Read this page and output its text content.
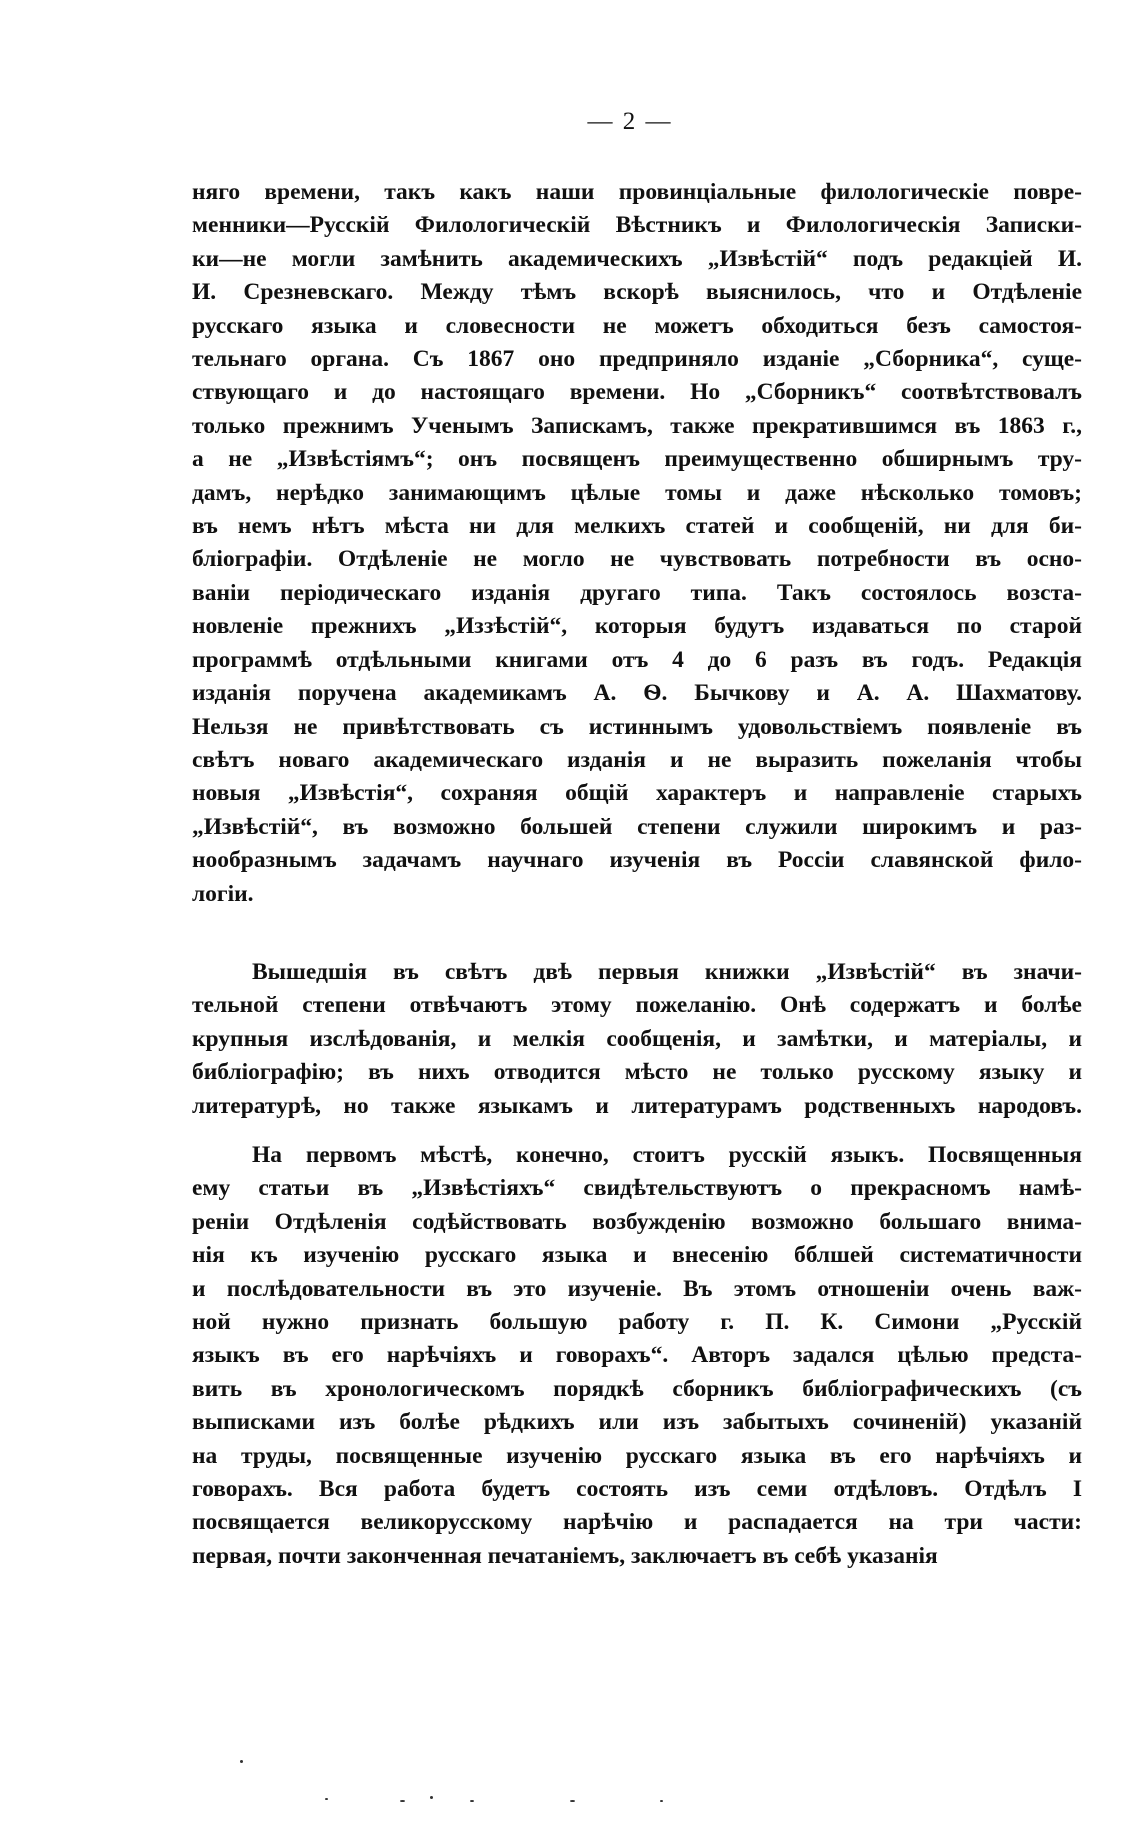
— 2 —
няго времени, такъ какъ наши провинціальные филологическіе повре-
менники—Русскій Филологическій Вѣстникъ и Филологическія Записки-
ки—не могли замѣнить академическихъ „Извѣстій“ подъ редакціей И.
И. Срезневскаго. Между тѣмъ вскорѣ выяснилось, что и Отдѣленіе
русскаго языка и словесности не можетъ обходиться безъ самостоя-
тельнаго органа. Съ 1867 оно предприняло изданіе „Сборника“, суще-
ствующаго и до настоящаго времени. Но „Сборникъ“ соотвѣтствовалъ
только прежнимъ Ученымъ Запискамъ, также прекратившимся въ 1863 г.,
а не „Извѣстіямъ“; онъ посвященъ преимущественно обширнымъ тру-
дамъ, нерѣдко занимающимъ цѣлые томы и даже нѣсколько томовъ;
въ немъ нѣтъ мѣста ни для мелкихъ статей и сообщеній, ни для би-
бліографіи. Отдѣленіе не могло не чувствовать потребности въ осно-
ваніи періодическаго изданія другаго типа. Такъ состоялось возста-
новленіе прежнихъ „Иззѣстій“, которыя будутъ издаваться по старой
программѣ отдѣльными книгами отъ 4 до 6 разъ въ годъ. Редакція
изданія поручена академикамъ А. Ѳ. Бычкову и А. А. Шахматову.
Нельзя не привѣтствовать съ истиннымъ удовольствіемъ появленіе въ
свѣтъ новаго академическаго изданія и не выразить пожеланія чтобы
новыя „Извѣстія“, сохраняя общій характеръ и направленіе старыхъ
„Извѣстій“, въ возможно большей степени служили широкимъ и раз-
нообразнымъ задачамъ научнаго изученія въ Россіи славянской фило-
логіи.
Вышедшія въ свѣтъ двѣ первыя книжки „Извѣстій“ въ значи-
тельной степени отвѣчаютъ этому пожеланію. Онѣ содержатъ и болѣе
крупныя изслѣдованія, и мелкія сообщенія, и замѣтки, и матеріалы, и
библіографію; въ нихъ отводится мѣсто не только русскому языку и
литературѣ, но также языкамъ и литературамъ родственныхъ народовъ.
На первомъ мѣстѣ, конечно, стоитъ русскій языкъ. Посвященныя
ему статьи въ „Извѣстіяхъ“ свидѣтельствуютъ о прекрасномъ намѣ-
реніи Отдѣленія содѣйствовать возбужденію возможно большаго внима-
нія къ изученію русскаго языка и внесенію бблшей систематичности
и послѣдовательности въ это изученіе. Въ этомъ отношеніи очень важ-
ной нужно признать большую работу г. П. К. Симони „Русскій
языкъ въ его нарѣчіяхъ и говорахъ“. Авторъ задался цѣлью предста-
вить въ хронологическомъ порядкѣ сборникъ библіографическихъ (съ
выписками изъ болѣе рѣдкихъ или изъ забытыхъ сочиненій) указаній
на труды, посвященные изученію русскаго языка въ его нарѣчіяхъ и
говорахъ. Вся работа будетъ состоять изъ семи отдѣловъ. Отдѣлъ I
посвящается великорусскому нарѣчію и распадается на три части:
первая, почти законченная печатаніемъ, заключаетъ въ себѣ указанія
